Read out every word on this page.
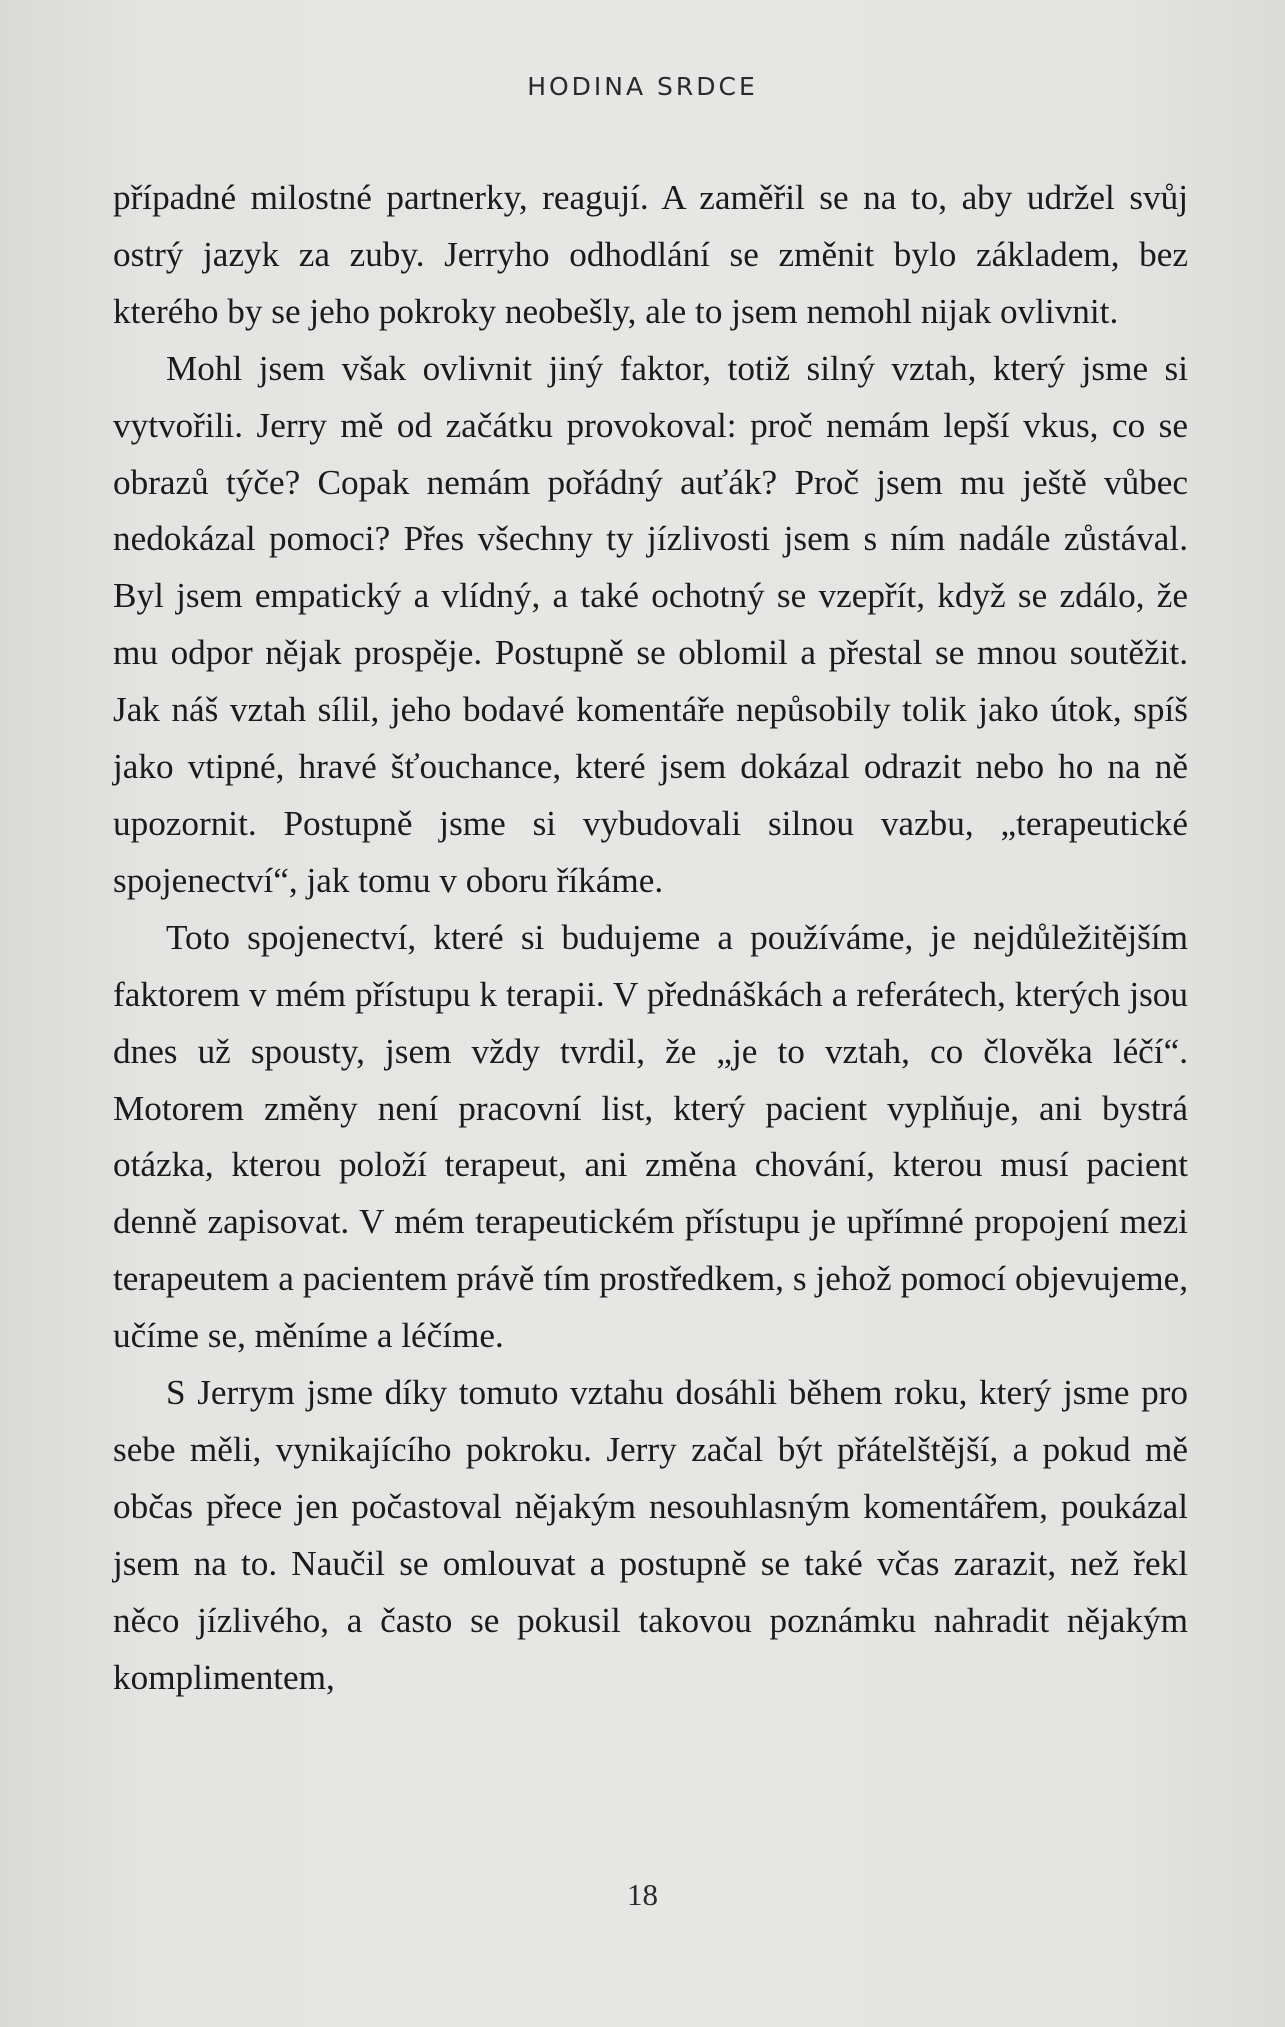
HODINA SRDCE

případné milostné partnerky, reagují. A zaměřil se na to, aby udržel svůj ostrý jazyk za zuby. Jerryho odhodlání se změnit bylo základem, bez kterého by se jeho pokroky neobešly, ale to jsem nemohl nijak ovlivnit.

Mohl jsem však ovlivnit jiný faktor, totiž silný vztah, který jsme si vytvořili. Jerry mě od začátku provokoval: proč nemám lepší vkus, co se obrazů týče? Copak nemám pořádný auťák? Proč jsem mu ještě vůbec nedokázal pomoci? Přes všechny ty jízlivosti jsem s ním nadále zůstával. Byl jsem empatický a vlídný, a také ochotný se vzepřít, když se zdálo, že mu odpor nějak prospěje. Postupně se oblomil a přestal se mnou soutěžit. Jak náš vztah sílil, jeho bodavé komentáře nepůsobily tolik jako útok, spíš jako vtipné, hravé šťouchance, které jsem dokázal odrazit nebo ho na ně upozornit. Postupně jsme si vybudovali silnou vazbu, „terapeutické spojenectví“, jak tomu v oboru říkáme.

Toto spojenectví, které si budujeme a používáme, je nejdůležitějším faktorem v mém přístupu k terapii. V přednáškách a referátech, kterých jsou dnes už spousty, jsem vždy tvrdil, že „je to vztah, co člověka léčí“. Motorem změny není pracovní list, který pacient vyplňuje, ani bystrá otázka, kterou položí terapeut, ani změna chování, kterou musí pacient denně zapisovat. V mém terapeutickém přístupu je upřímné propojení mezi terapeutem a pacientem právě tím prostředkem, s jehož pomocí objevujeme, učíme se, měníme a léčíme.

S Jerrym jsme díky tomuto vztahu dosáhli během roku, který jsme pro sebe měli, vynikajícího pokroku. Jerry začal být přátelštější, a pokud mě občas přece jen počastoval nějakým nesouhlasným komentářem, poukázal jsem na to. Naučil se omlouvat a postupně se také včas zarazit, než řekl něco jízlivého, a často se pokusil takovou poznámku nahradit nějakým komplimentem,

18
